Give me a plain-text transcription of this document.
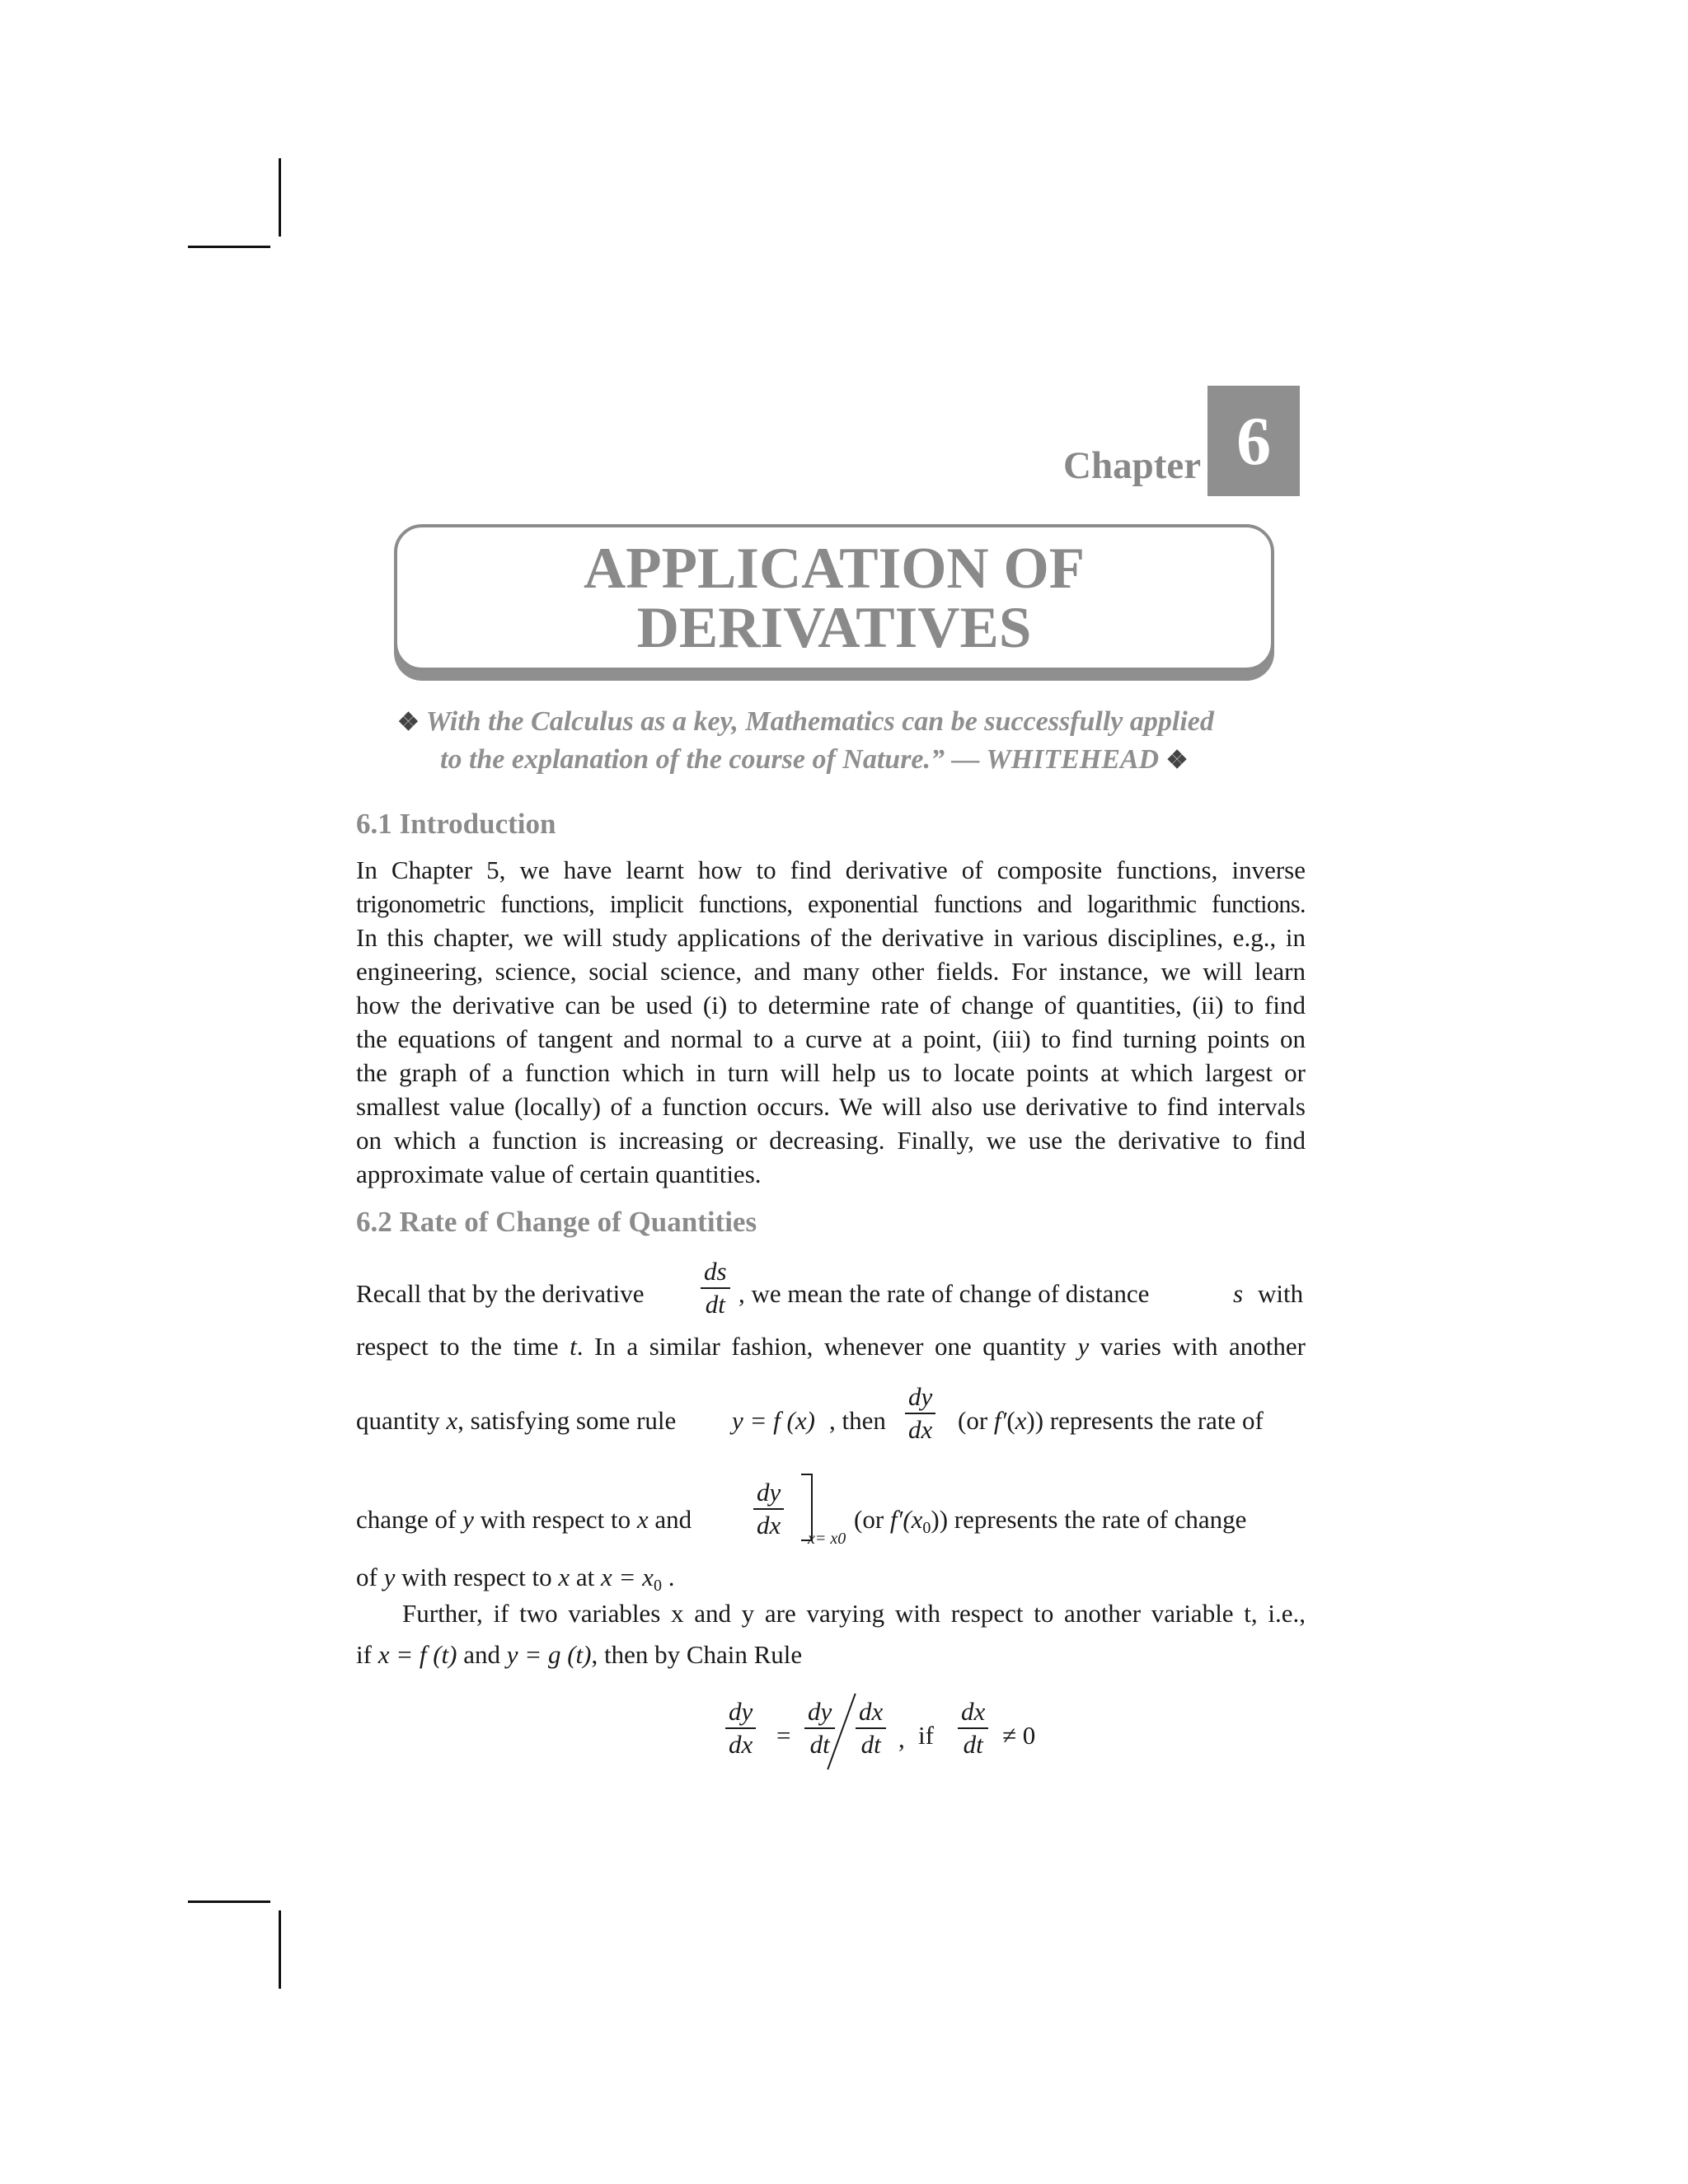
Chapter 6
APPLICATION OF
DERIVATIVES
❖ With the Calculus as a key, Mathematics can be successfully applied
to the explanation of the course of Nature.” — WHITEHEAD ❖
6.1 Introduction
In Chapter 5, we have learnt how to find derivative of composite functions, inverse
trigonometric functions, implicit functions, exponential functions and logarithmic functions.
In this chapter, we will study applications of the derivative in various disciplines, e.g., in
engineering, science, social science, and many other fields. For instance, we will learn
how the derivative can be used (i) to determine rate of change of quantities, (ii) to find
the equations of tangent and normal to a curve at a point, (iii) to find turning points on
the graph of a function which in turn will help us to locate points at which largest or
smallest value (locally) of a function occurs. We will also use derivative to find intervals
on which a function is increasing or decreasing. Finally, we use the derivative to find
approximate value of certain quantities.
6.2 Rate of Change of Quantities
Recall that by the derivative
ds
dt , we mean the rate of change of distance	s with
respect to the time t. In a similar fashion, whenever one quantity y varies with another
quantity x, satisfying some rule y = f (x) , then
dy
dx (or f′(x)) represents the rate of
change of y with respect to x and
dy
dx x= x0
(or $f'(x_0)$) represents the rate of change
of y with respect to x at $x = x_0$ .
Further, if two variables x and y are varying with respect to another variable t, i.e.,
if x = f (t) and y = g (t), then by Chain Rule
dy
dx =
dy
dt
dx
dt , if
dx
dt ≠ 0
